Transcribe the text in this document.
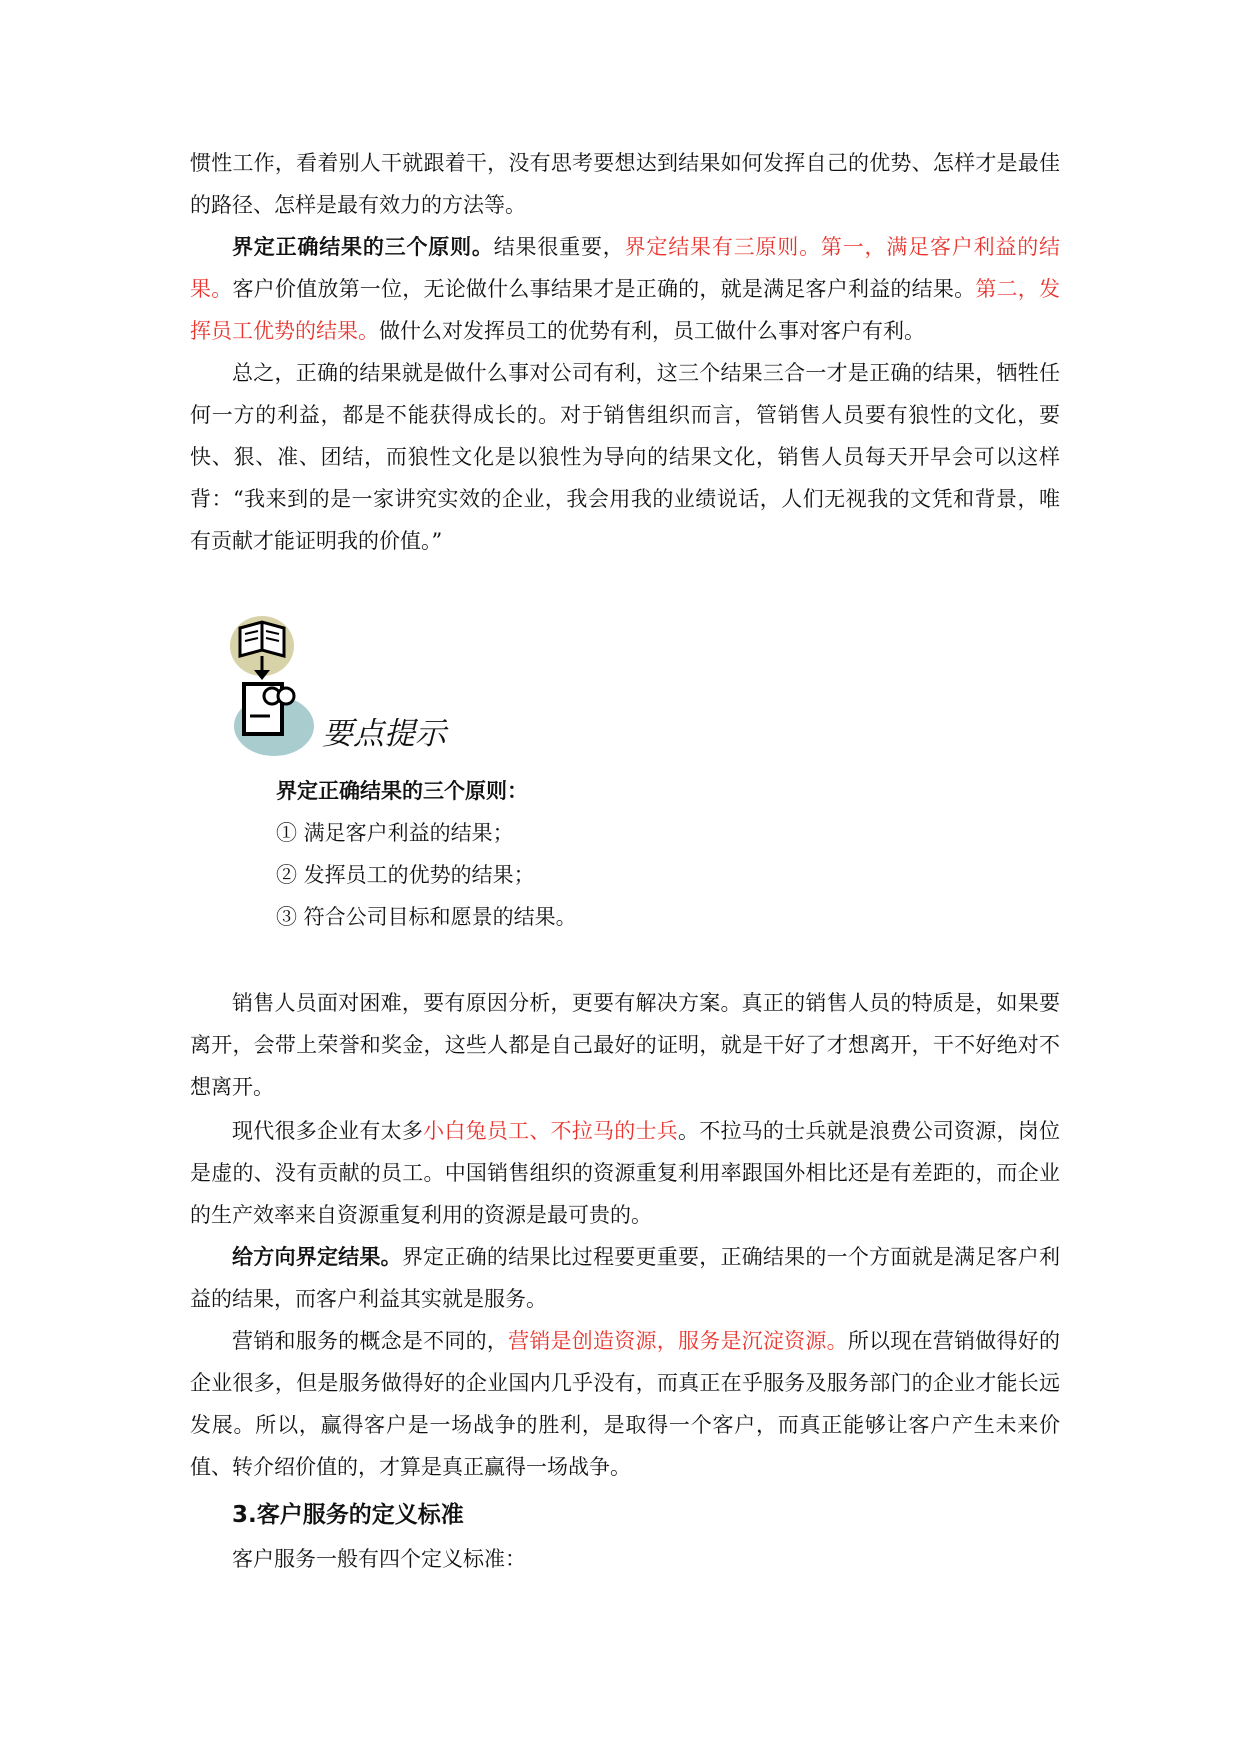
惯性工作，看着别人干就跟着干，没有思考要想达到结果如何发挥自己的优势、怎样才是最佳的路径、怎样是最有效力的方法等。

界定正确结果的三个原则。结果很重要，界定结果有三原则。第一，满足客户利益的结果。客户价值放第一位，无论做什么事结果才是正确的，就是满足客户利益的结果。第二，发挥员工优势的结果。做什么对发挥员工的优势有利，员工做什么事对客户有利。

总之，正确的结果就是做什么事对公司有利，这三个结果三合一才是正确的结果，牺牲任何一方的利益，都是不能获得成长的。对于销售组织而言，管销售人员要有狼性的文化，要快、狠、准、团结，而狼性文化是以狼性为导向的结果文化，销售人员每天开早会可以这样背：“我来到的是一家讲究实效的企业，我会用我的业绩说话，人们无视我的文凭和背景，唯有贡献才能证明我的价值。”

要点提示
界定正确结果的三个原则：
① 满足客户利益的结果；
② 发挥员工的优势的结果；
③ 符合公司目标和愿景的结果。

销售人员面对困难，要有原因分析，更要有解决方案。真正的销售人员的特质是，如果要离开，会带上荣誉和奖金，这些人都是自己最好的证明，就是干好了才想离开，干不好绝对不想离开。

现代很多企业有太多小白兔员工、不拉马的士兵。不拉马的士兵就是浪费公司资源，岗位是虚的、没有贡献的员工。中国销售组织的资源重复利用率跟国外相比还是有差距的，而企业的生产效率来自资源重复利用的资源是最可贵的。

给方向界定结果。界定正确的结果比过程要更重要，正确结果的一个方面就是满足客户利益的结果，而客户利益其实就是服务。

营销和服务的概念是不同的，营销是创造资源，服务是沉淀资源。所以现在营销做得好的企业很多，但是服务做得好的企业国内几乎没有，而真正在乎服务及服务部门的企业才能长远发展。所以，赢得客户是一场战争的胜利，是取得一个客户，而真正能够让客户产生未来价值、转介绍价值的，才算是真正赢得一场战争。

3.客户服务的定义标准

客户服务一般有四个定义标准：
